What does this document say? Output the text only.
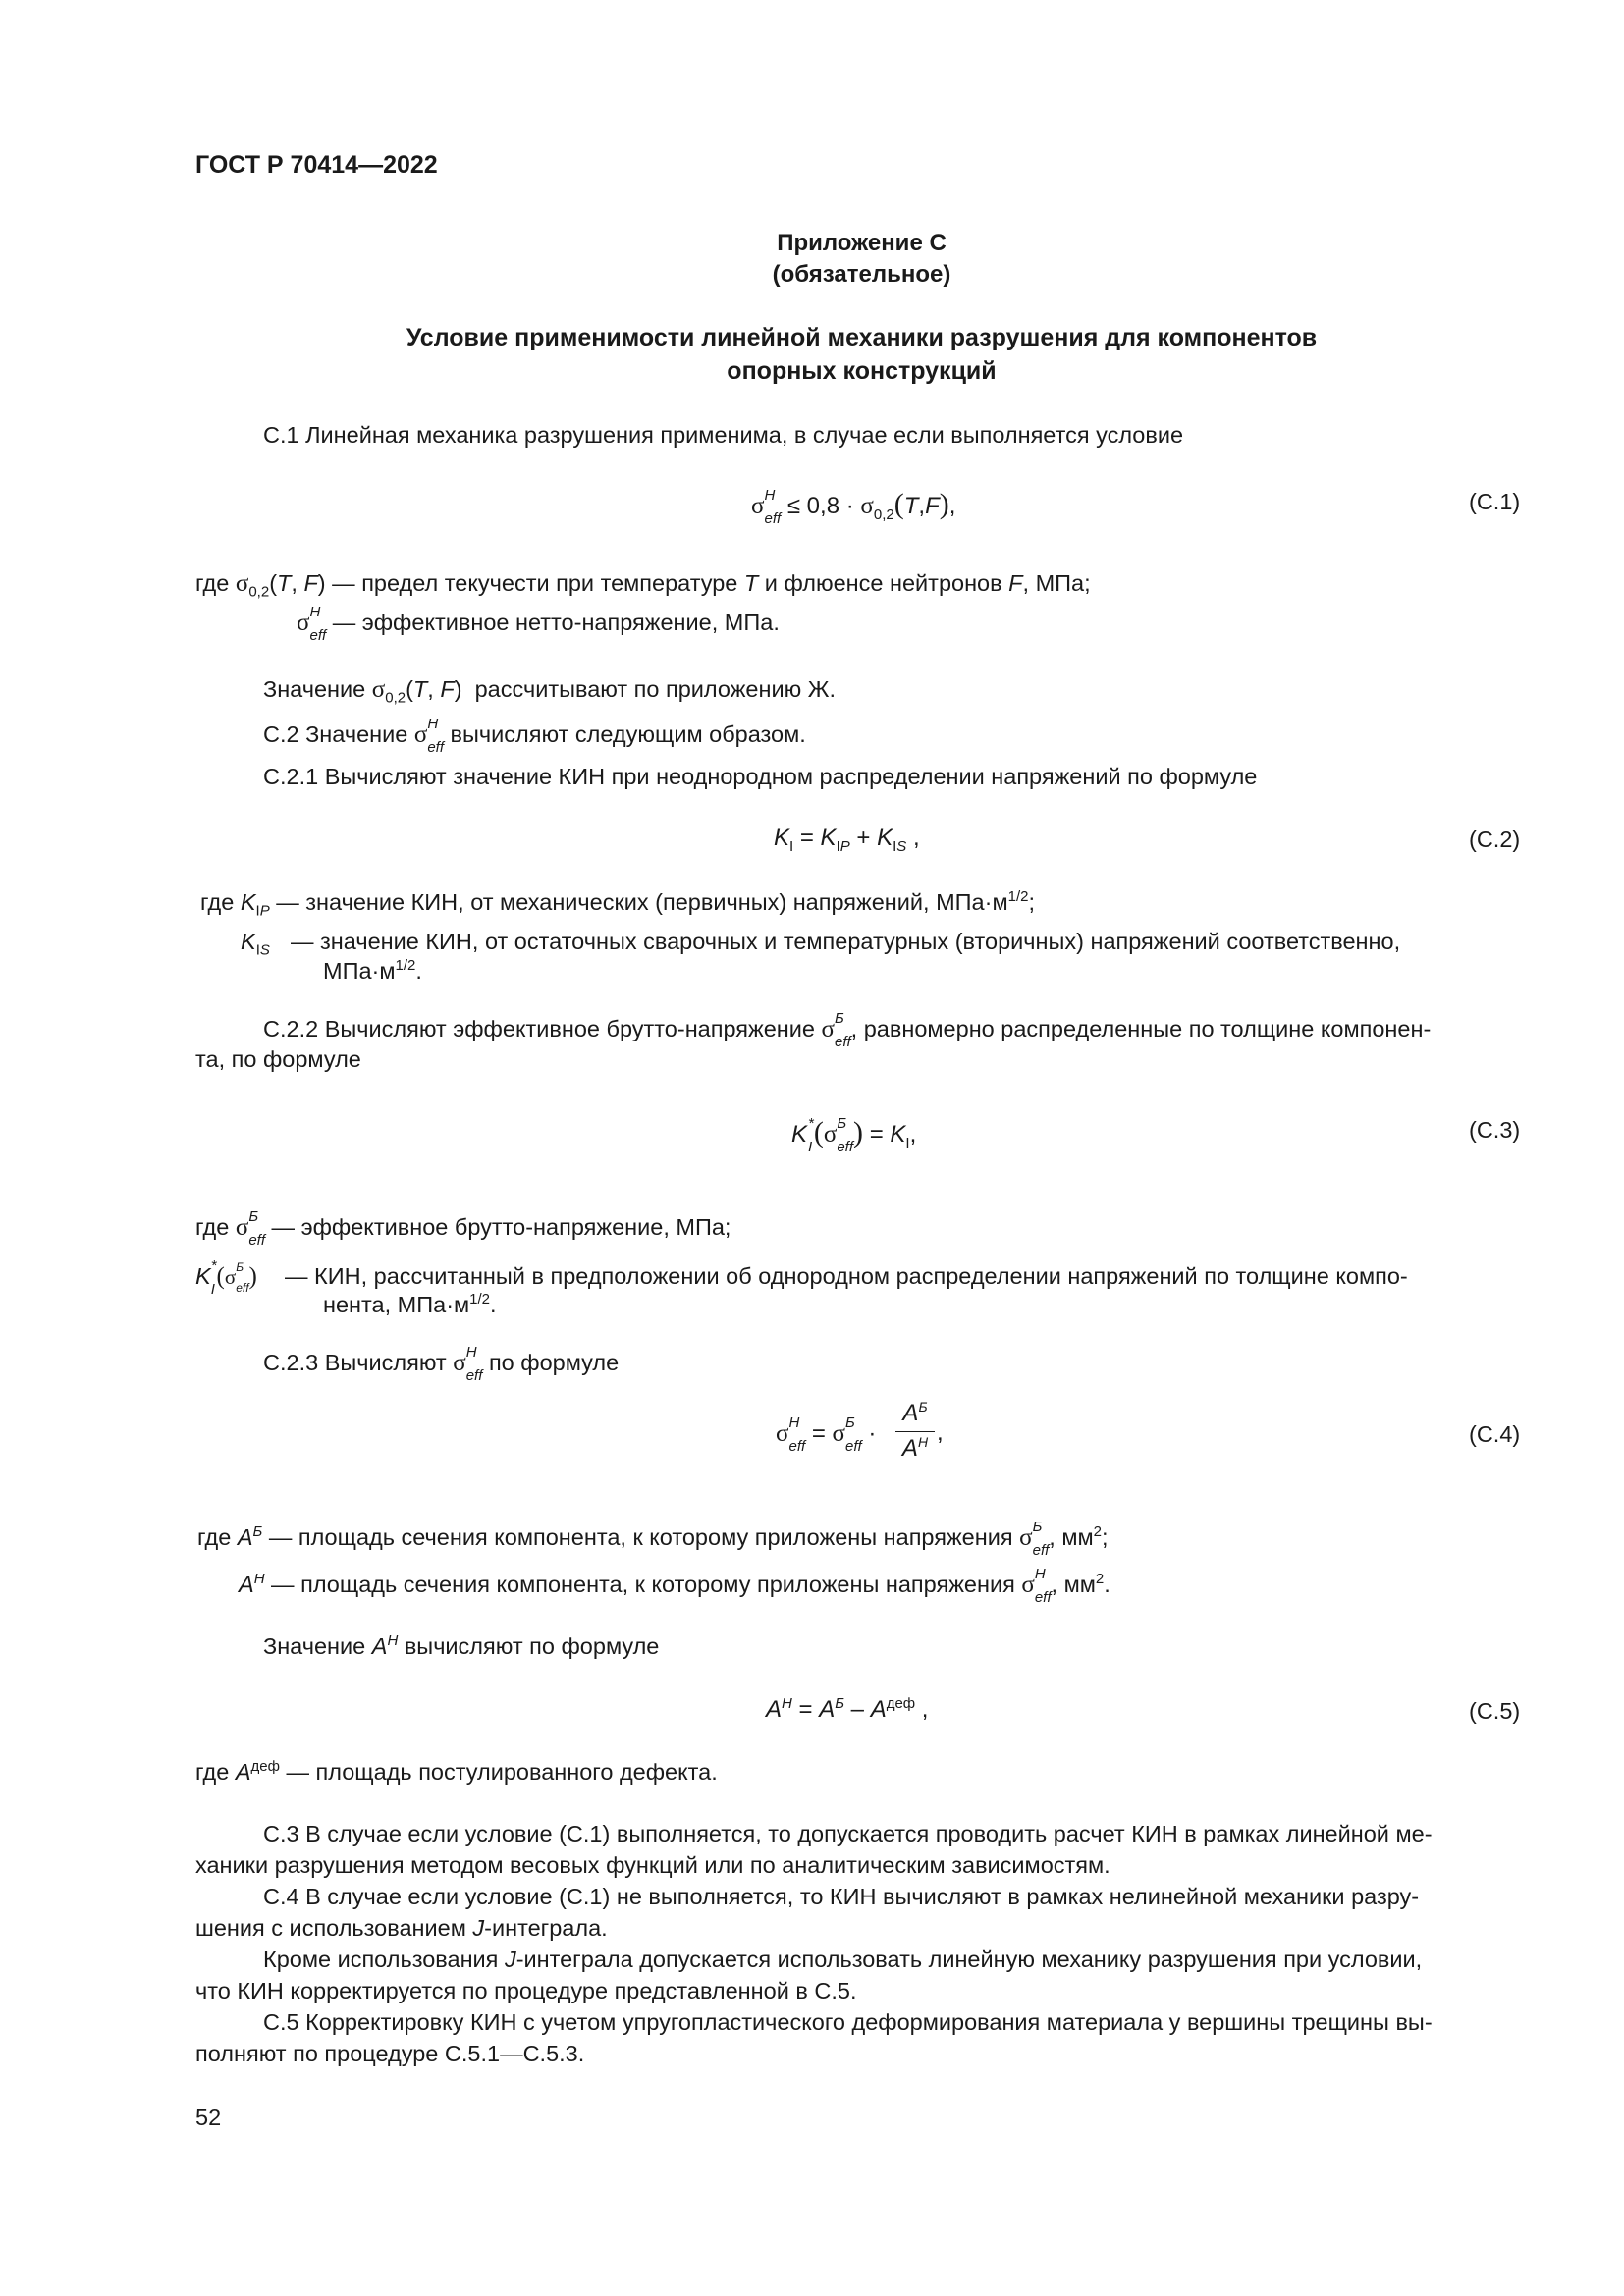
ГОСТ Р 70414—2022
Приложение С
(обязательное)
Условие применимости линейной механики разрушения для компонентов
опорных конструкций
С.1 Линейная механика разрушения применима, в случае если выполняется условие
σ H
eff ≤ $0,8 \cdot \sigma_{0,2}(T,F)$,	(С.1)
где $\sigma_{0,2}(T$, F) — предел текучести при температуре T и флюенсе нейтронов F, МПа;
σ H
eff
— эффективное нетто-напряжение, МПа.
Значение $\sigma_{0,2}(T$, F)  рассчитывают по приложению Ж.
С.2 Значение σ H
eff
вычисляют следующим образом.
С.2.1 Вычисляют значение КИН при неоднородном распределении напряжений по формуле
$K_I = K_{IP} + K_{IS}$ ,	(С.2)
где $K_{IP}$ — значение КИН, от механических (первичных) напряжений, $МПа\cdot м^{1/2}$;
$K_{IS}$ — значение КИН, от остаточных сварочных и температурных (вторичных) напряжений соответственно,
$МПа\cdot м^{1/2}$.
С.2.2 Вычисляют эффективное брутто-напряжение σ Б
eff
, равномерно распределенные по толщине компонен-
та, по формуле
K *
I (σ Б
eff ) = $K_I$,	(С.3)
где σ Б
eff
— эффективное брутто-напряжение, МПа;
K *
I (σ Б
eff ) — КИН, рассчитанный в предположении об однородном распределении напряжений по толщине компо-
нента, $МПа\cdot м^{1/2}$.
С.2.3 Вычисляют σ H
eff
по формуле
σ H
eff = σ Б
eff ·
$A^Б$
$A^H$ ,	(С.4)
где $A^Б$ — площадь сечения компонента, к которому приложены напряжения σ Б
eff
, $мм^2$;
$A^H$ — площадь сечения компонента, к которому приложены напряжения σ H
eff
, $мм^2$.
Значение $A^H$ вычисляют по формуле
$A^H = A^Б - A^{деф}$ ,	(С.5)
где $A^{деф}$ — площадь постулированного дефекта.
С.3 В случае если условие (С.1) выполняется, то допускается проводить расчет КИН в рамках линейной ме-
ханики разрушения методом весовых функций или по аналитическим зависимостям.
С.4 В случае если условие (С.1) не выполняется, то КИН вычисляют в рамках нелинейной механики разру-
шения с использованием J-интеграла.
Кроме использования J-интеграла допускается использовать линейную механику разрушения при условии,
что КИН корректируется по процедуре представленной в С.5.
С.5 Корректировку КИН с учетом упругопластического деформирования материала у вершины трещины вы-
полняют по процедуре С.5.1—С.5.3.
52
